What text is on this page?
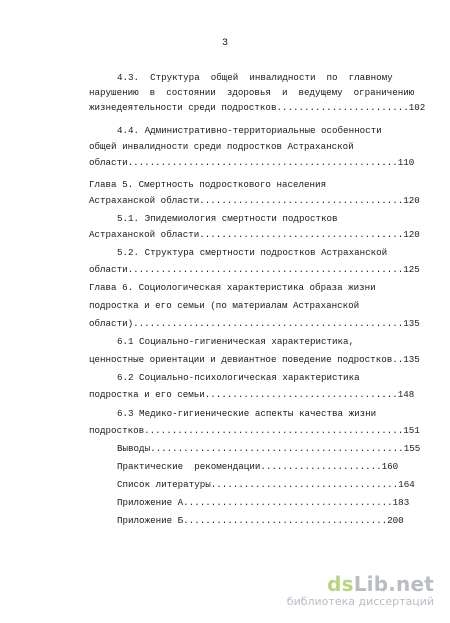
3
4.3.  Структура  общей  инвалидности  по  главному
нарушению  в  состоянии  здоровья  и  ведущему  ограничению
жизнедеятельности среди подростков........................102
4.4. Административно-территориальные особенности
общей инвалидности среди подростков Астраханской
области.................................................110
Глава 5. Смертность подросткового населения
Астраханской области.....................................120
5.1. Эпидемиология смертности подростков
Астраханской области.....................................120
5.2. Структура смертности подростков Астраханской
области..................................................125
Глава 6. Социологическая характеристика образа жизни
подростка и его семьи (по материалам Астраханской
области).................................................135
6.1 Социально-гигиеническая характеристика,
ценностные ориентации и девиантное поведение подростков..135
6.2 Социально-психологическая характеристика
подростка и его семьи...................................148
6.3 Медико-гигиенические аспекты качества жизни
подростков...............................................151
Выводы..............................................155
Практические  рекомендации......................160
Список литературы..................................164
Приложение А......................................183
Приложение Б.....................................200
dsLib.net
библиотека диссертаций
